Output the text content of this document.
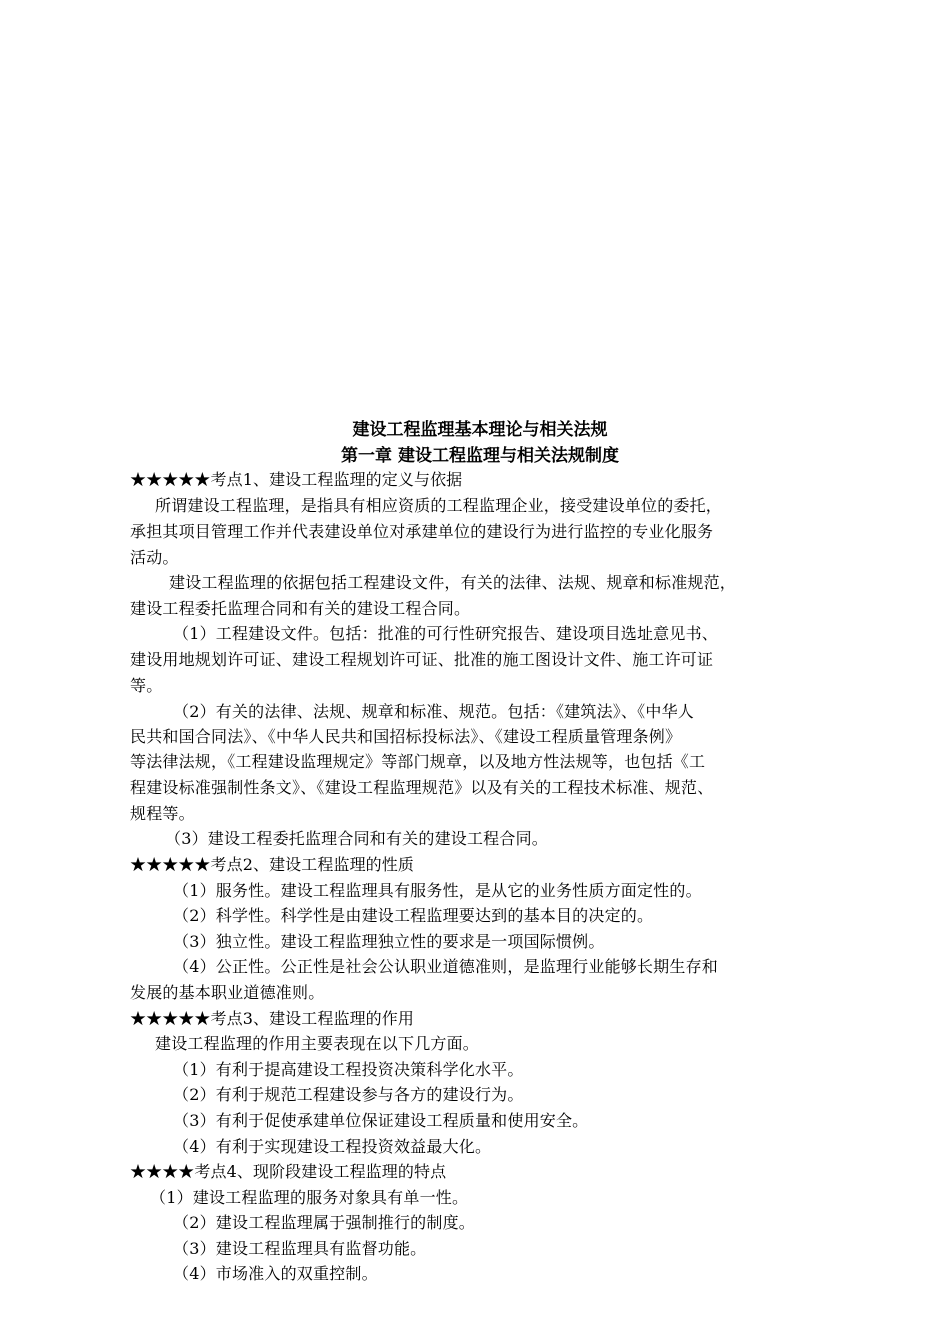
建设工程监理基本理论与相关法规
第一章 建设工程监理与相关法规制度
★★★★★考点1、建设工程监理的定义与依据
所谓建设工程监理，是指具有相应资质的工程监理企业，接受建设单位的委托，
承担其项目管理工作并代表建设单位对承建单位的建设行为进行监控的专业化服务
活动。
建设工程监理的依据包括工程建设文件，有关的法律、法规、规章和标准规范，
建设工程委托监理合同和有关的建设工程合同。
（1）工程建设文件。包括：批准的可行性研究报告、建设项目选址意见书、
建设用地规划许可证、建设工程规划许可证、批准的施工图设计文件、施工许可证
等。
（2）有关的法律、法规、规章和标准、规范。包括：《建筑法》、《中华人
民共和国合同法》、《中华人民共和国招标投标法》、《建设工程质量管理条例》
等法律法规，《工程建设监理规定》等部门规章，以及地方性法规等，也包括《工
程建设标准强制性条文》、《建设工程监理规范》以及有关的工程技术标准、规范、
规程等。
（3）建设工程委托监理合同和有关的建设工程合同。
★★★★★考点2、建设工程监理的性质
（1）服务性。建设工程监理具有服务性，是从它的业务性质方面定性的。
（2）科学性。科学性是由建设工程监理要达到的基本目的决定的。
（3）独立性。建设工程监理独立性的要求是一项国际惯例。
（4）公正性。公正性是社会公认职业道德准则，是监理行业能够长期生存和
发展的基本职业道德准则。
★★★★★考点3、建设工程监理的作用
建设工程监理的作用主要表现在以下几方面。
（1）有利于提高建设工程投资决策科学化水平。
（2）有利于规范工程建设参与各方的建设行为。
（3）有利于促使承建单位保证建设工程质量和使用安全。
（4）有利于实现建设工程投资效益最大化。
★★★★考点4、现阶段建设工程监理的特点
（1）建设工程监理的服务对象具有单一性。
（2）建设工程监理属于强制推行的制度。
（3）建设工程监理具有监督功能。
（4）市场准入的双重控制。
